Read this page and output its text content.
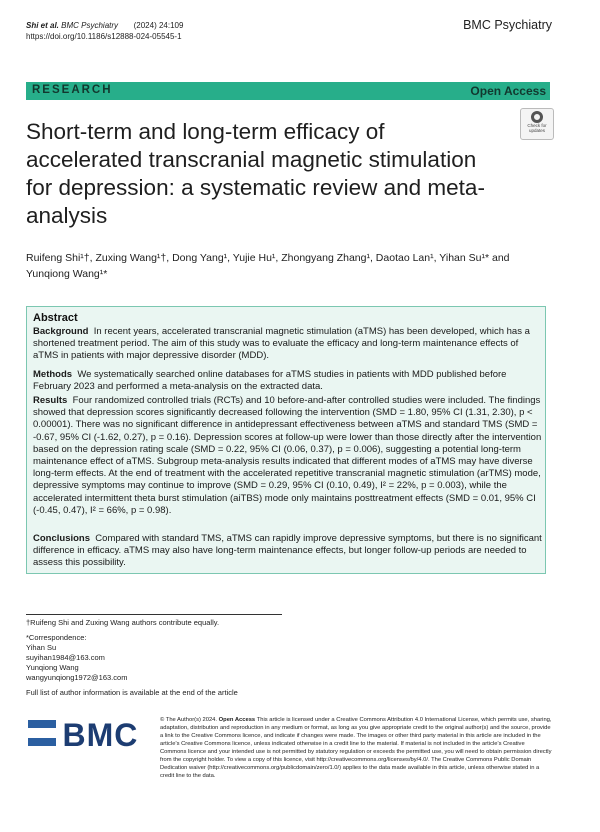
Shi et al. BMC Psychiatry (2024) 24:109
https://doi.org/10.1186/s12888-024-05545-1
BMC Psychiatry
RESEARCH	Open Access
Check for
updates
Short-term and long-term efficacy of accelerated transcranial magnetic stimulation for depression: a systematic review and meta-analysis
Ruifeng Shi¹†, Zuxing Wang¹†, Dong Yang¹, Yujie Hu¹, Zhongyang Zhang¹, Daotao Lan¹, Yihan Su¹* and
Yunqiong Wang¹*
Abstract
Background In recent years, accelerated transcranial magnetic stimulation (aTMS) has been developed, which has a shortened treatment period. The aim of this study was to evaluate the efficacy and long-term maintenance effects of aTMS in patients with major depressive disorder (MDD).
Methods We systematically searched online databases for aTMS studies in patients with MDD published before February 2023 and performed a meta-analysis on the extracted data.
Results Four randomized controlled trials (RCTs) and 10 before-and-after controlled studies were included. The findings showed that depression scores significantly decreased following the intervention (SMD = 1.80, 95% CI (1.31, 2.30), p < 0.00001). There was no significant difference in antidepressant effectiveness between aTMS and standard TMS (SMD = -0.67, 95% CI (-1.62, 0.27), p = 0.16). Depression scores at follow-up were lower than those directly after the intervention based on the depression rating scale (SMD = 0.22, 95% CI (0.06, 0.37), p = 0.006), suggesting a potential long-term maintenance effect of aTMS. Subgroup meta-analysis results indicated that different modes of aTMS may have diverse long-term effects. At the end of treatment with the accelerated repetitive transcranial magnetic stimulation (arTMS) mode, depressive symptoms may continue to improve (SMD = 0.29, 95% CI (0.10, 0.49), I² = 22%, p = 0.003), while the accelerated intermittent theta burst stimulation (aiTBS) mode only maintains posttreatment effects (SMD = 0.01, 95% CI (-0.45, 0.47), I² = 66%, p = 0.98).
Conclusions Compared with standard TMS, aTMS can rapidly improve depressive symptoms, but there is no significant difference in efficacy. aTMS may also have long-term maintenance effects, but longer follow-up periods are needed to assess this possibility.
†Ruifeng Shi and Zuxing Wang authors contribute equally.
*Correspondence:
Yihan Su
suyihan1984@163.com
Yunqiong Wang
wangyunqiong1972@163.com
Full list of author information is available at the end of the article
BMC	© The Author(s) 2024. Open Access This article is licensed under a Creative Commons Attribution 4.0 International License, which permits use, sharing, adaptation, distribution and reproduction in any medium or format, as long as you give appropriate credit to the original author(s) and the source, provide a link to the Creative Commons licence, and indicate if changes were made. The images or other third party material in this article are included in the article's Creative Commons licence, unless indicated otherwise in a credit line to the material. If material is not included in the article's Creative Commons licence and your intended use is not permitted by statutory regulation or exceeds the permitted use, you will need to obtain permission directly from the copyright holder. To view a copy of this licence, visit http://creativecommons.org/licenses/by/4.0/. The Creative Commons Public Domain Dedication waiver (http://creativecommons.org/publicdomain/zero/1.0/) applies to the data made available in this article, unless otherwise stated in a credit line to the data.
